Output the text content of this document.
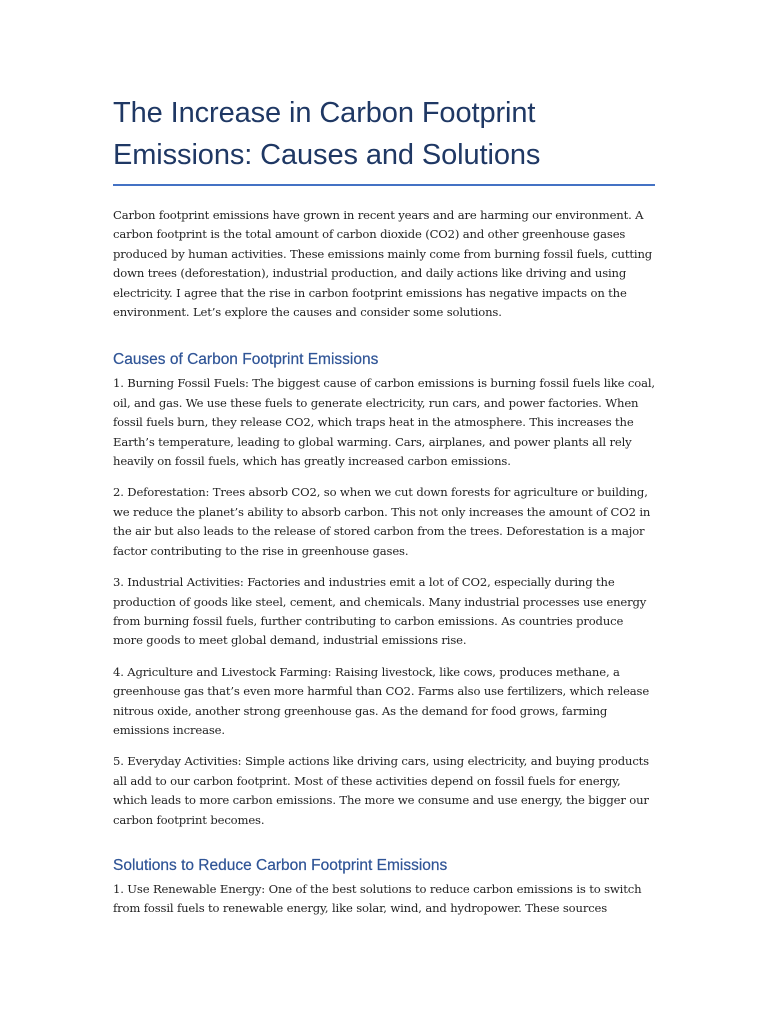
The Increase in Carbon Footprint Emissions: Causes and Solutions

Carbon footprint emissions have grown in recent years and are harming our environment. A carbon footprint is the total amount of carbon dioxide (CO2) and other greenhouse gases produced by human activities. These emissions mainly come from burning fossil fuels, cutting down trees (deforestation), industrial production, and daily actions like driving and using electricity. I agree that the rise in carbon footprint emissions has negative impacts on the environment. Let’s explore the causes and consider some solutions.

Causes of Carbon Footprint Emissions

1. Burning Fossil Fuels: The biggest cause of carbon emissions is burning fossil fuels like coal, oil, and gas. We use these fuels to generate electricity, run cars, and power factories. When fossil fuels burn, they release CO2, which traps heat in the atmosphere. This increases the Earth’s temperature, leading to global warming. Cars, airplanes, and power plants all rely heavily on fossil fuels, which has greatly increased carbon emissions.

2. Deforestation: Trees absorb CO2, so when we cut down forests for agriculture or building, we reduce the planet’s ability to absorb carbon. This not only increases the amount of CO2 in the air but also leads to the release of stored carbon from the trees. Deforestation is a major factor contributing to the rise in greenhouse gases.

3. Industrial Activities: Factories and industries emit a lot of CO2, especially during the production of goods like steel, cement, and chemicals. Many industrial processes use energy from burning fossil fuels, further contributing to carbon emissions. As countries produce more goods to meet global demand, industrial emissions rise.

4. Agriculture and Livestock Farming: Raising livestock, like cows, produces methane, a greenhouse gas that’s even more harmful than CO2. Farms also use fertilizers, which release nitrous oxide, another strong greenhouse gas. As the demand for food grows, farming emissions increase.

5. Everyday Activities: Simple actions like driving cars, using electricity, and buying products all add to our carbon footprint. Most of these activities depend on fossil fuels for energy, which leads to more carbon emissions. The more we consume and use energy, the bigger our carbon footprint becomes.

Solutions to Reduce Carbon Footprint Emissions

1. Use Renewable Energy: One of the best solutions to reduce carbon emissions is to switch from fossil fuels to renewable energy, like solar, wind, and hydropower. These sources
